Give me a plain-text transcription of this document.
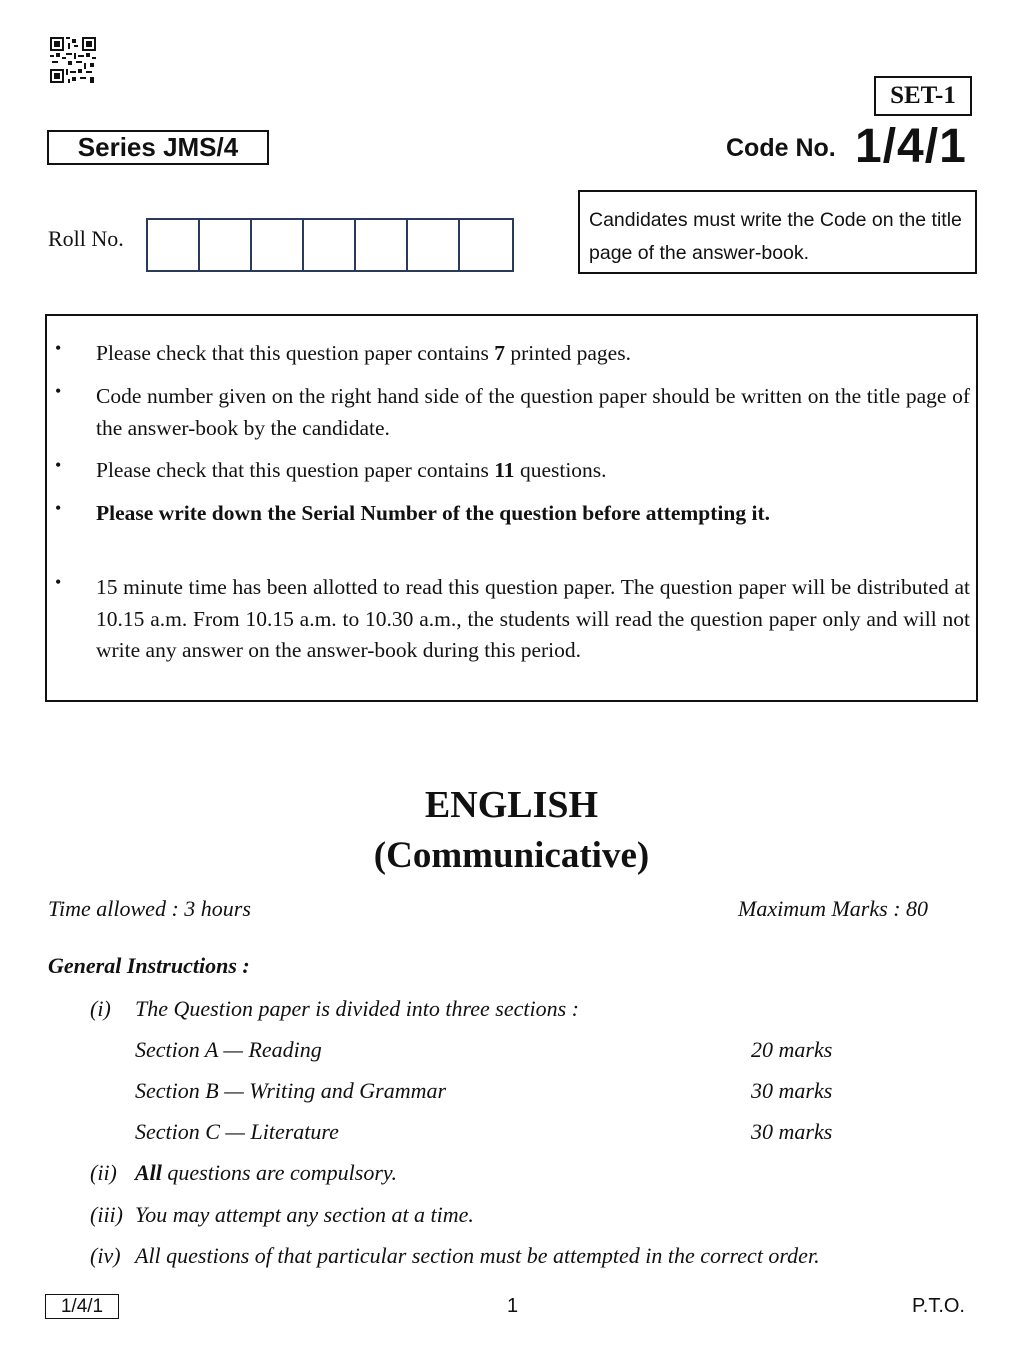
SET-1
Series JMS/4	Code No. 1/4/1
Roll No.
Candidates must write the Code on the title page of the answer-book.
• Please check that this question paper contains 7 printed pages.
• Code number given on the right hand side of the question paper should be written on the title page of the answer-book by the candidate.
• Please check that this question paper contains 11 questions.
• Please write down the Serial Number of the question before attempting it.
• 15 minute time has been allotted to read this question paper. The question paper will be distributed at 10.15 a.m. From 10.15 a.m. to 10.30 a.m., the students will read the question paper only and will not write any answer on the answer-book during this period.
ENGLISH
(Communicative)
Time allowed : 3 hours	Maximum Marks : 80
General Instructions :
(i) The Question paper is divided into three sections :
Section A — Reading	20 marks
Section B — Writing and Grammar	30 marks
Section C — Literature	30 marks
(ii) All questions are compulsory.
(iii) You may attempt any section at a time.
(iv) All questions of that particular section must be attempted in the correct order.
1/4/1	1	P.T.O.
